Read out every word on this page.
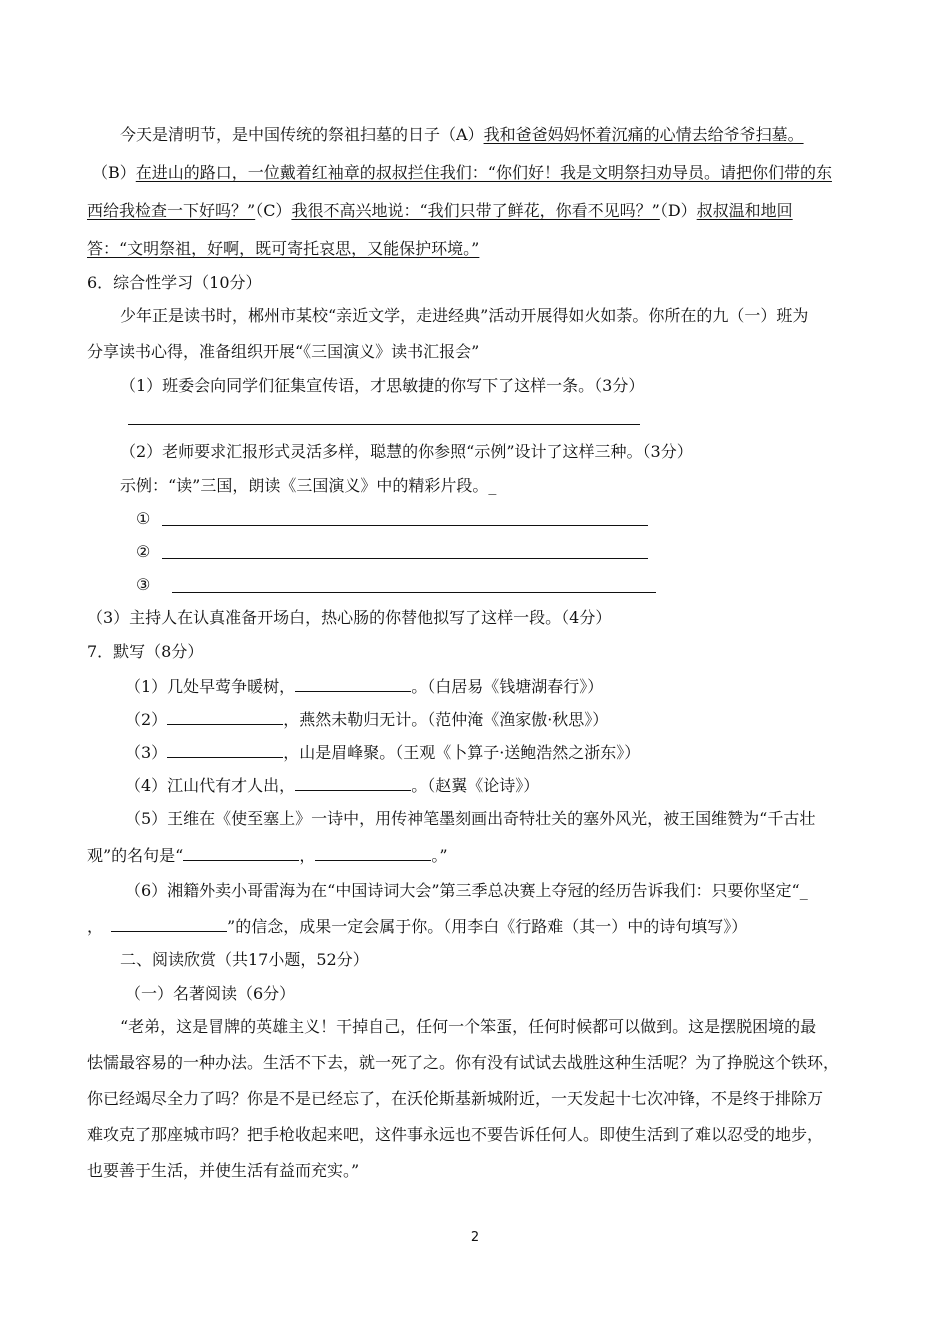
今天是清明节，是中国传统的祭祖扫墓的日子（A）我和爸爸妈妈怀着沉痛的心情去给爷爷扫墓。
（B）在进山的路口，一位戴着红袖章的叔叔拦住我们：“你们好！我是文明祭扫劝导员。请把你们带的东
西给我检查一下好吗？”（C）我很不高兴地说：“我们只带了鲜花，你看不见吗？”（D）叔叔温和地回
答：“文明祭祖，好啊，既可寄托哀思，又能保护环境。”
6．综合性学习（10分）
少年正是读书时，郴州市某校“亲近文学，走进经典”活动开展得如火如荼。你所在的九（一）班为
分享读书心得，准备组织开展“《三国演义》读书汇报会”
（1）班委会向同学们征集宣传语，才思敏捷的你写下了这样一条。（3分）
（2）老师要求汇报形式灵活多样，聪慧的你参照“示例”设计了这样三种。（3分）
示例：“读”三国，朗读《三国演义》中的精彩片段。_
①
②
③
（3）主持人在认真准备开场白，热心肠的你替他拟写了这样一段。（4分）
7．默写（8分）
（1）几处早莺争暖树，	。（白居易《钱塘湖春行》）
（2）	，燕然未勒归无计。（范仲淹《渔家傲·秋思》）
（3）	，山是眉峰聚。（王观《卜算子·送鲍浩然之浙东》）
（4）江山代有才人出，	。（赵翼《论诗》）
（5）王维在《使至塞上》一诗中，用传神笔墨刻画出奇特壮关的塞外风光，被王国维赞为“千古壮
观”的名句是“	，	。”
（6）湘籍外卖小哥雷海为在“中国诗词大会”第三季总决赛上夺冠的经历告诉我们：只要你坚定“_
，	”的信念，成果一定会属于你。（用李白《行路难（其一）中的诗句填写》）
二、阅读欣赏（共17小题，52分）
（一）名著阅读（6分）
“老弟，这是冒牌的英雄主义！干掉自己，任何一个笨蛋，任何时候都可以做到。这是摆脱困境的最
怯懦最容易的一种办法。生活不下去，就一死了之。你有没有试试去战胜这种生活呢？为了挣脱这个铁环，
你已经竭尽全力了吗？你是不是已经忘了，在沃伦斯基新城附近，一天发起十七次冲锋，不是终于排除万
难攻克了那座城市吗？把手枪收起来吧，这件事永远也不要告诉任何人。即使生活到了难以忍受的地步，
也要善于生活，并使生活有益而充实。”
2
